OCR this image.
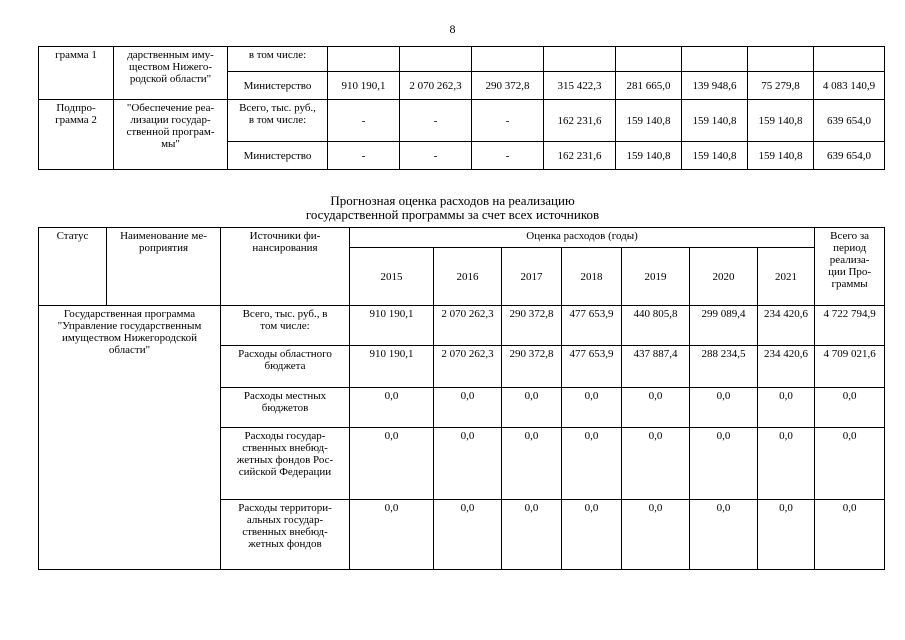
8
грамма 1	дарственным иму-
ществом Нижего-
родской области"	в том числе:								
		Министерство	910 190,1	2 070 262,3	290 372,8	315 422,3	281 665,0	139 948,6	75 279,8	4 083 140,9
Подпро-
грамма 2	"Обеспечение реа-
лизации государ-
ственной програм-
мы"	Всего, тыс. руб.,
в том числе:	-	-	-	162 231,6	159 140,8	159 140,8	159 140,8	639 654,0
		Министерство	-	-	-	162 231,6	159 140,8	159 140,8	159 140,8	639 654,0
Прогнозная оценка расходов на реализацию
государственной программы за счет всех источников
Статус	Наименование ме-
роприятия	Источники фи-
нансирования	Оценка расходов (годы)							Всего за
период
реализа-
ции Про-
граммы
			2015	2016	2017	2018	2019	2020	2021	
Государственная программа
"Управление государственным
имуществом Нижегородской
области"		Всего, тыс. руб., в
том числе:	910 190,1	2 070 262,3	290 372,8	477 653,9	440 805,8	299 089,4	234 420,6	4 722 794,9
		Расходы областного
бюджета	910 190,1	2 070 262,3	290 372,8	477 653,9	437 887,4	288 234,5	234 420,6	4 709 021,6
		Расходы местных
бюджетов	0,0	0,0	0,0	0,0	0,0	0,0	0,0	0,0
		Расходы государ-
ственных внебюд-
жетных фондов Рос-
сийской Федерации	0,0	0,0	0,0	0,0	0,0	0,0	0,0	0,0
		Расходы территори-
альных государ-
ственных внебюд-
жетных фондов	0,0	0,0	0,0	0,0	0,0	0,0	0,0	0,0
